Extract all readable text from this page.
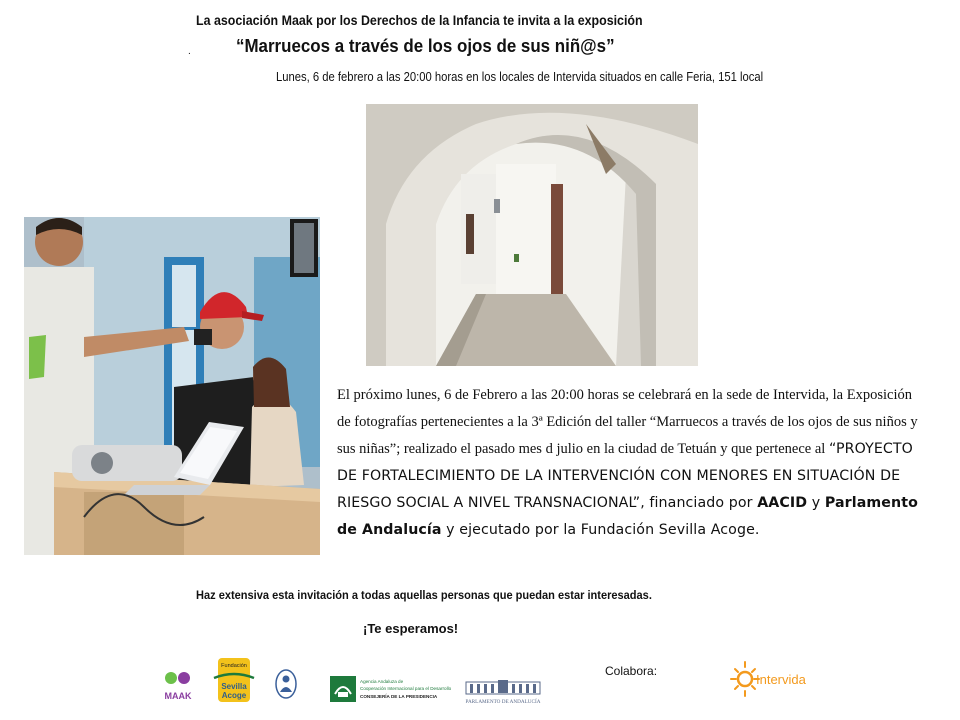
La asociación Maak por los Derechos de la Infancia te invita a la exposición
“Marruecos a través de los ojos de sus niñ@s”
.
Lunes, 6 de febrero a las 20:00 horas en los locales de Intervida situados en calle Feria, 151 local
El próximo lunes, 6 de Febrero a las 20:00 horas se celebrará en la sede de Intervida, la Exposición de fotografías pertenecientes a la 3ª Edición del taller “Marruecos a través de los ojos de sus niños y sus niñas”; realizado el pasado mes d julio en la ciudad de Tetuán y que pertenece al “PROYECTO DE FORTALECIMIENTO DE LA INTERVENCIÓN CON MENORES EN SITUACIÓN DE RIESGO SOCIAL A NIVEL TRANSNACIONAL”, financiado por AACID y Parlamento de Andalucía y ejecutado por la Fundación Sevilla Acoge.
Haz extensiva esta invitación a todas aquellas personas que puedan estar interesadas.
¡Te esperamos!
MAAK
Fundación
Sevilla
Acoge
Agencia Andaluza de
Cooperación Internacional para el Desarrollo
CONSEJERÍA DE LA PRESIDENCIA
PARLAMENTO DE ANDALUCÍA
Colabora:
Intervida
